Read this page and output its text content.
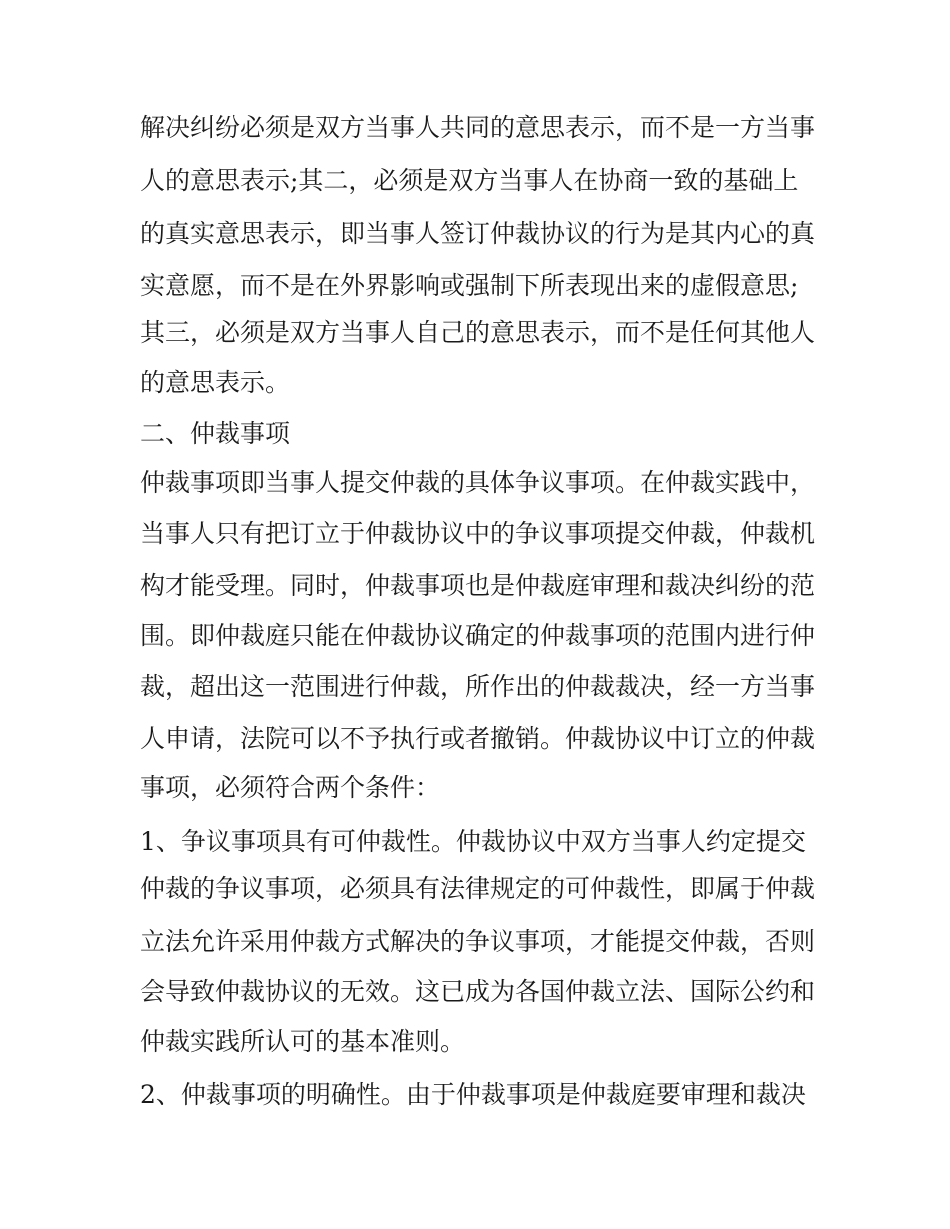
解决纠纷必须是双方当事人共同的意思表示，而不是一方当事

人的意思表示;其二，必须是双方当事人在协商一致的基础上

的真实意思表示，即当事人签订仲裁协议的行为是其内心的真

实意愿，而不是在外界影响或强制下所表现出来的虚假意思;

其三，必须是双方当事人自己的意思表示，而不是任何其他人

的意思表示。

二、仲裁事项

仲裁事项即当事人提交仲裁的具体争议事项。在仲裁实践中，

当事人只有把订立于仲裁协议中的争议事项提交仲裁，仲裁机

构才能受理。同时，仲裁事项也是仲裁庭审理和裁决纠纷的范

围。即仲裁庭只能在仲裁协议确定的仲裁事项的范围内进行仲

裁，超出这一范围进行仲裁，所作出的仲裁裁决，经一方当事

人申请，法院可以不予执行或者撤销。仲裁协议中订立的仲裁

事项，必须符合两个条件：

1、争议事项具有可仲裁性。仲裁协议中双方当事人约定提交

仲裁的争议事项，必须具有法律规定的可仲裁性，即属于仲裁

立法允许采用仲裁方式解决的争议事项，才能提交仲裁，否则

会导致仲裁协议的无效。这已成为各国仲裁立法、国际公约和

仲裁实践所认可的基本准则。

2、仲裁事项的明确性。由于仲裁事项是仲裁庭要审理和裁决
